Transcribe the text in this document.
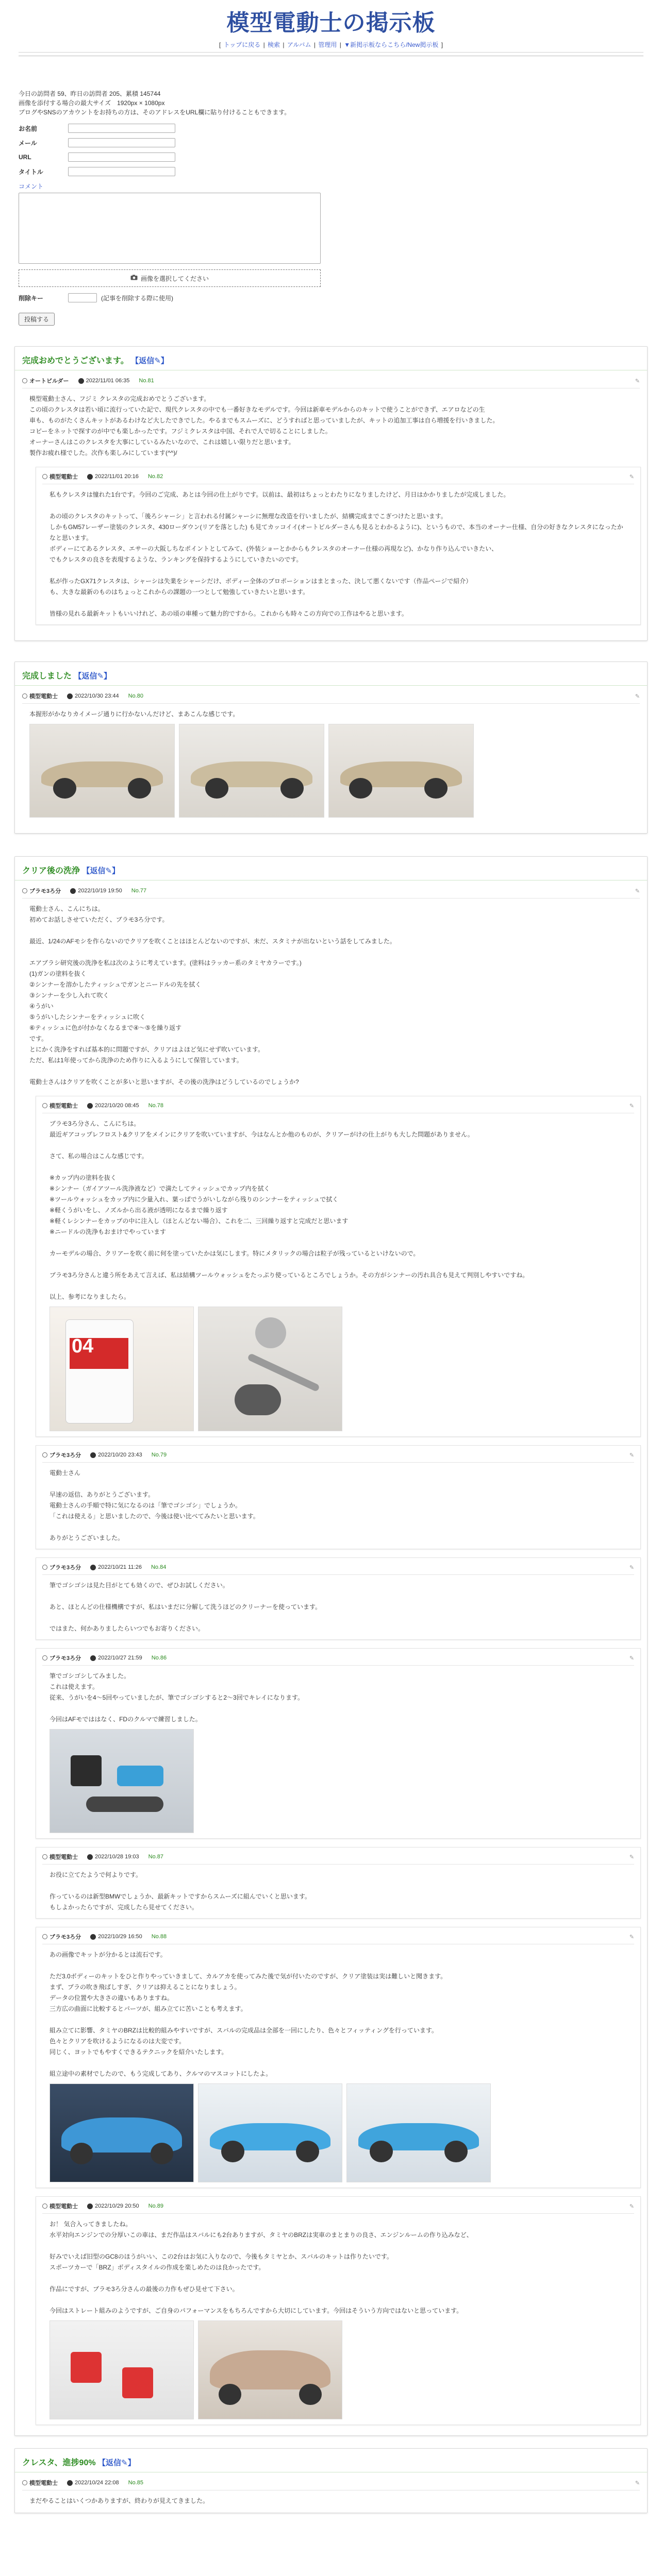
模型電動士の掲示板
[ トップに戻る | 検索 | アルバム | 管理用 | ▼新掲示板ならこちら/New掲示板 ]
今日の訪問者 59、昨日の訪問者 205、累積 145744
画像を添付する場合の最大サイズ　1920px × 1080px
ブログやSNSのアカウントをお持ちの方は、そのアドレスをURL欄に貼り付けることもできます。
お名前
メール
URL
タイトル
コメント
画像を選択してください
削除キー	(記事を削除する際に使用)
投稿する
完成おめでとうございます。 【返信✎】
オートビルダー	2022/11/01 06:35 No.81	✎

模型電動士さん、フジミ クレスタの完成おめでとうございます。

この頃のクレスタは若い頃に流行っていた記で、現代クレスタの中でも一番好きなモデルです。今回は新車モデルからのキットで使うことができず、エアロなどの生

車も、ものがたくさんキットがあるわけなど大したできでした。やるまでもスムーズに、どうすればと思っていましたが、キットの追加工事は自ら増援を行いきました。

コピーをネットで探すのが中でも楽しかったです。フジミクレスタは中国、それで人で切ることにしました。

オーナーさんはこのクレスタを大事にしているみたいなので、これは嬉しい限りだと思います。

製作お疲れ様でした。次作も楽しみにしています(^^)/

模型電動士	2022/11/01 20:16 No.82	✎

私もクレスタは憧れた1台です。今回のご完成、あとは今回の仕上がりです。以前は、最初はちょっとわたりになりましたけど、月日はかかりましたが完成しました。

あの頃のクレスタのキットって、「後ろシャーシ」と言われる付属シャーシに無理な改造を行いましたが、結構完成までこぎつけたと思います。

しかもGM57レーザー塗装のクレスタ、430ローダウン(リアを落とした) も見てカッコイイ(オートビルダーさんも見るとわかるように)、というもので、本当のオーナー仕様、自分の好きなクレスタになったかなと思います。

ボディーにてあるクレスタ、エサーの大阪しちなポイントとしてみて、(外装ショーとかからもクレスタのオーナー仕様の再現など)、かなり作り込んでいきたい、

でもクレスタの良さを表現するような、ランキングを保持するようにしていきたいのです。

私が作ったGX71クレスタは、シャーシは失業をシャーシだけ、ボディー全体のプロポーションはまとまった、決して悪くないです（作品ページで紹介）

も、大きな最新のものはちょっとこれからの課題の一つとして勉強していきたいと思います。

皆様の見れる最新キットもいいけれど、あの頃の車種って魅力的ですから。これからも時々この方向での工作はやると思います。

完成しました 【返信✎】
模型電動士	2022/10/30 23:44 No.80	✎

本握形がかなりカイメージ通りに行かないんだけど、まあこんな感じです。

クリア後の洗浄 【返信✎】
ブラモ3ろ分	2022/10/19 19:50 No.77	✎

電動士さん、こんにちは。

初めてお話しさせていただく、ブラモ3ろ分です。

最近、1/24のAFモシを作らないのでクリアを吹くことはほとんどないのですが、未だ、スタミナが出ないという話をしてみました。

エアブラシ研究後の洗浄を私は次のように考えています。(塗料はラッカー系のタミヤカラーです。)

(1)ガンの塗料を抜く

②シンナーを溶かしたティッシュでガンとニードルの先を拭く

③シンナーを少し入れて吹く

④うがい

⑤うがいしたシンナーをティッシュに吹く

⑥ティッシュに色が付かなくなるまで④〜⑤を繰り返す

です。

とにかく洗浄をすれば基本的に問題ですが、クリアはよほど気にせず吹いています。

ただ、私は1年使ってから洗浄のため作りに入るようにして保管しています。

電動士さんはクリアを吹くことが多いと思いますが、その後の洗浄はどうしているのでしょうか?

模型電動士	2022/10/20 08:45 No.78	✎

ブラモ3ろ分さん、こんにちは。

最近ギアコップレフロスト&クリアをメインにクリアを吹いていますが、今はなんとか他のものが、クリアーがけの仕上がりも大した問題がありません。

さて、私の場合はこんな感じです。

※カップ内の塗料を抜く

※シンナー（ガイアツール洗浄液など）で満たしてティッシュでカップ内を拭く

※ツールウォッシュをカップ内に少量入れ、葉っぱでうがいしながら残りのシンナーをティッシュで拭く

※軽くうがいをし、ノズルから出る液が透明になるまで繰り返す

※軽くレシンナーをカップの中に注入し（ほとんどない場合）、これを二、三回繰り返すと完成だと思います

※ニードルの洗浄もおまけでやっています

カーモデルの場合、クリアーを吹く前に何を塗っていたかは気にします。特にメタリックの場合は粒子が残っているといけないので。

ブラモ3ろ分さんと違う所をあえて言えば、私は結構ツールウォッシュをたっぷり使っているところでしょうか。その方がシンナーの汚れ具合も見えて判別しやすいですね。

以上、参考になりましたら。

04
ブラモ3ろ分	2022/10/20 23:43 No.79	✎

電動士さん

早速の返信、ありがとうございます。

電動士さんの手順で特に気になるのは「筆でゴシゴシ」でしょうか。

「これは使える」と思いましたので、今後は使い比べてみたいと思います。

ありがとうございました。

ブラモ3ろ分	2022/10/21 11:26 No.84	✎

筆でゴシゴシは見た目がとても効くので、ぜひお試しください。

あと、ほとんどの仕様機構ですが、私はいまだに分解して洗うほどのクリーナーを使っています。

ではまた、何かありましたらいつでもお寄りください。

ブラモ3ろ分	2022/10/27 21:59 No.86	✎

筆でゴシゴシしてみました。

これは使えます。

従来、うがいを4〜5回やっていましたが、筆でゴシゴシすると2〜3回でキレイになります。

今回はAFモでははなく、FDのクルマで練習しました。

模型電動士	2022/10/28 19:03 No.87	✎

お役に立てたようで何よりです。

作っているのは新型BMWでしょうか、最新キットですからスムーズに組んでいくと思います。

もしよかったらですが、完成したら見せてください。

ブラモ3ろ分	2022/10/29 16:50 No.88	✎

あの画像でキットが分かるとは流石です。

ただ3.0ボディーのキットをひと作りやっていきまして、カルアカを使ってみた後で気が付いたのですが、クリア塗装は実は難しいと聞きます。

まず、プラの吹き飛ばしすぎ、クリアは抑えることになりましょう。

データの位置や大きさの違いもありますね。

三方広の曲面に比較するとパーツが、組み立てに苦いことも考えます。

組み立てに影響、タミヤのBRZは比較的組みやすいですが、スバルの完成品は全部を一回にしたり、色々とフィッティングを行っています。

色々とクリアを吹けるようになるのは大変です。

同じく、ヨットでもやすくできるテクニックを紹介いたします。

組立途中の素材でしたので、もう完成してあり、クルマのマスコットにしたよ。

模型電動士	2022/10/29 20:50 No.89	✎

お！ 気合入ってきましたね。

水平対向エンジンでの分厚いこの車は、まだ作品はスバルにも2台ありますが、タミヤのBRZは実車のまとまりの良さ、エンジンルームの作り込みなど、

好みでいえば旧型のGC8のほうがいい、この2台はお気に入りなので、今後もタミヤとか、スバルのキットは作りたいです。

スポーツカーで「BRZ」ボディスタイルの作成を楽しめたのは良かったです。

作品にですが、ブラモ3ろ分さんの最後の力作もぜひ見せて下さい。

今回はストレート組みのようですが、ご自身のパフォーマンスをもちろんですから大切にしています。今回はそういう方向ではないと思っています。

クレスタ、進捗90% 【返信✎】
模型電動士	2022/10/24 22:08 No.85	✎

まだやることはいくつかありますが、終わりが見えてきました。
